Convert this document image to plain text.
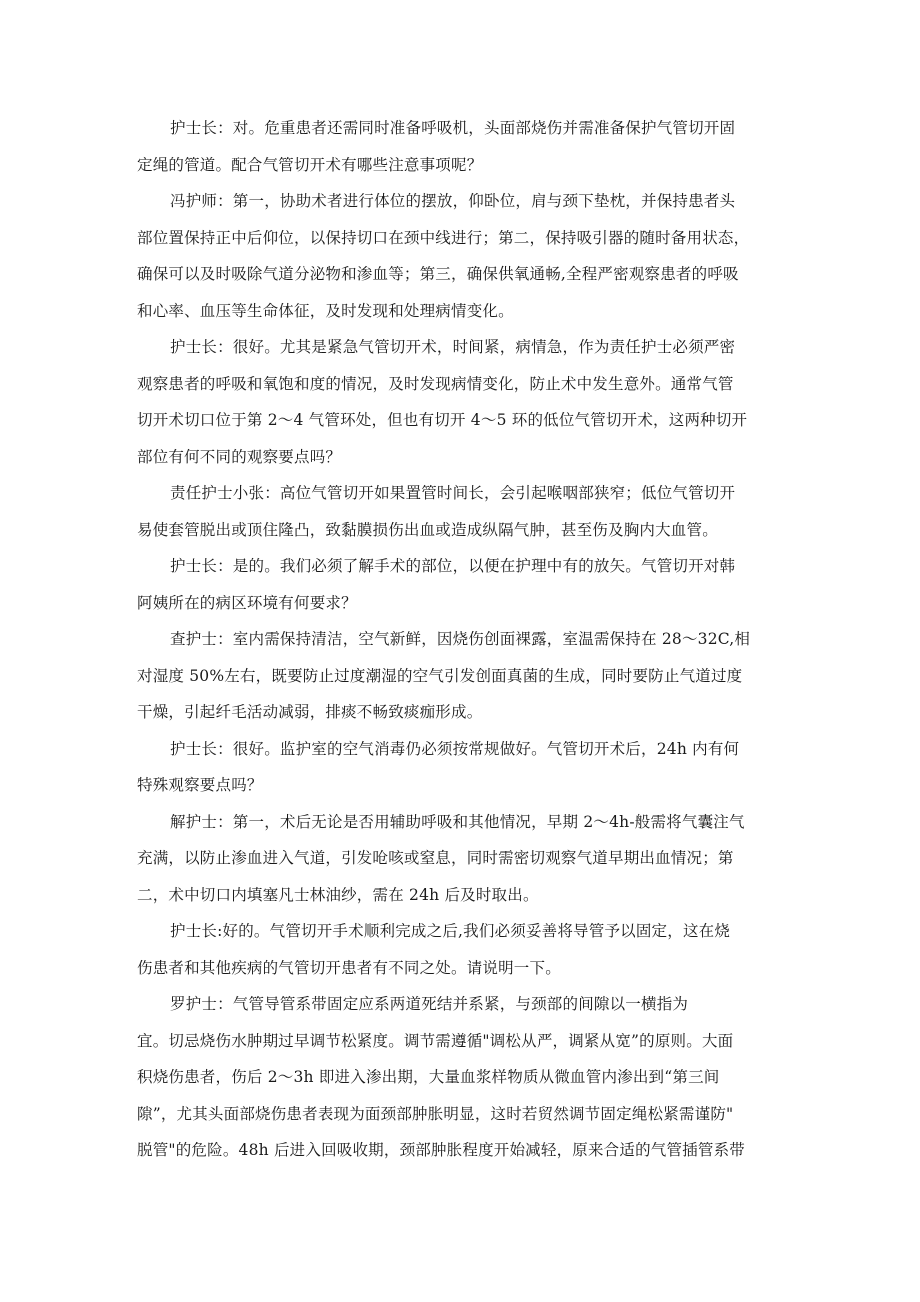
护士长：对。危重患者还需同时准备呼吸机，头面部烧伤并需准备保护气管切开固
定绳的管道。配合气管切开术有哪些注意事项呢？

冯护师：第一，协助术者进行体位的摆放，仰卧位，肩与颈下垫枕，并保持患者头
部位置保持正中后仰位，以保持切口在颈中线进行；第二，保持吸引器的随时备用状态，
确保可以及时吸除气道分泌物和渗血等；第三，确保供氧通畅,全程严密观察患者的呼吸
和心率、血压等生命体征，及时发现和处理病情变化。

护士长：很好。尤其是紧急气管切开术，时间紧，病情急，作为责任护士必须严密
观察患者的呼吸和氧饱和度的情况，及时发现病情变化，防止术中发生意外。通常气管
切开术切口位于第 2～4 气管环处，但也有切开 4～5 环的低位气管切开术，这两种切开
部位有何不同的观察要点吗？

责任护士小张：高位气管切开如果置管时间长，会引起喉咽部狭窄；低位气管切开
易使套管脱出或顶住隆凸，致黏膜损伤出血或造成纵隔气肿，甚至伤及胸内大血管。

护士长：是的。我们必须了解手术的部位，以便在护理中有的放矢。气管切开对韩
阿姨所在的病区环境有何要求？

查护士：室内需保持清洁，空气新鲜，因烧伤创面裸露，室温需保持在 28～32C,相
对湿度 50%左右，既要防止过度潮湿的空气引发创面真菌的生成，同时要防止气道过度
干燥，引起纤毛活动减弱，排痰不畅致痰痂形成。

护士长：很好。监护室的空气消毒仍必须按常规做好。气管切开术后，24h 内有何
特殊观察要点吗？

解护士：第一，术后无论是否用辅助呼吸和其他情况，早期 2～4h-般需将气囊注气
充满，以防止渗血进入气道，引发呛咳或窒息，同时需密切观察气道早期出血情况；第
二，术中切口内填塞凡士林油纱，需在 24h 后及时取出。

护士长:好的。气管切开手术顺利完成之后,我们必须妥善将导管予以固定，这在烧
伤患者和其他疾病的气管切开患者有不同之处。请说明一下。

罗护士：气管导管系带固定应系两道死结并系紧，与颈部的间隙以一横指为
宜。切忌烧伤水肿期过早调节松紧度。调节需遵循"调松从严，调紧从宽”的原则。大面
积烧伤患者，伤后 2～3h 即进入渗出期，大量血浆样物质从微血管内渗出到“第三间
隙”，尤其头面部烧伤患者表现为面颈部肿胀明显，这时若贸然调节固定绳松紧需谨防"
脱管"的危险。48h 后进入回吸收期，颈部肿胀程度开始减轻，原来合适的气管插管系带
